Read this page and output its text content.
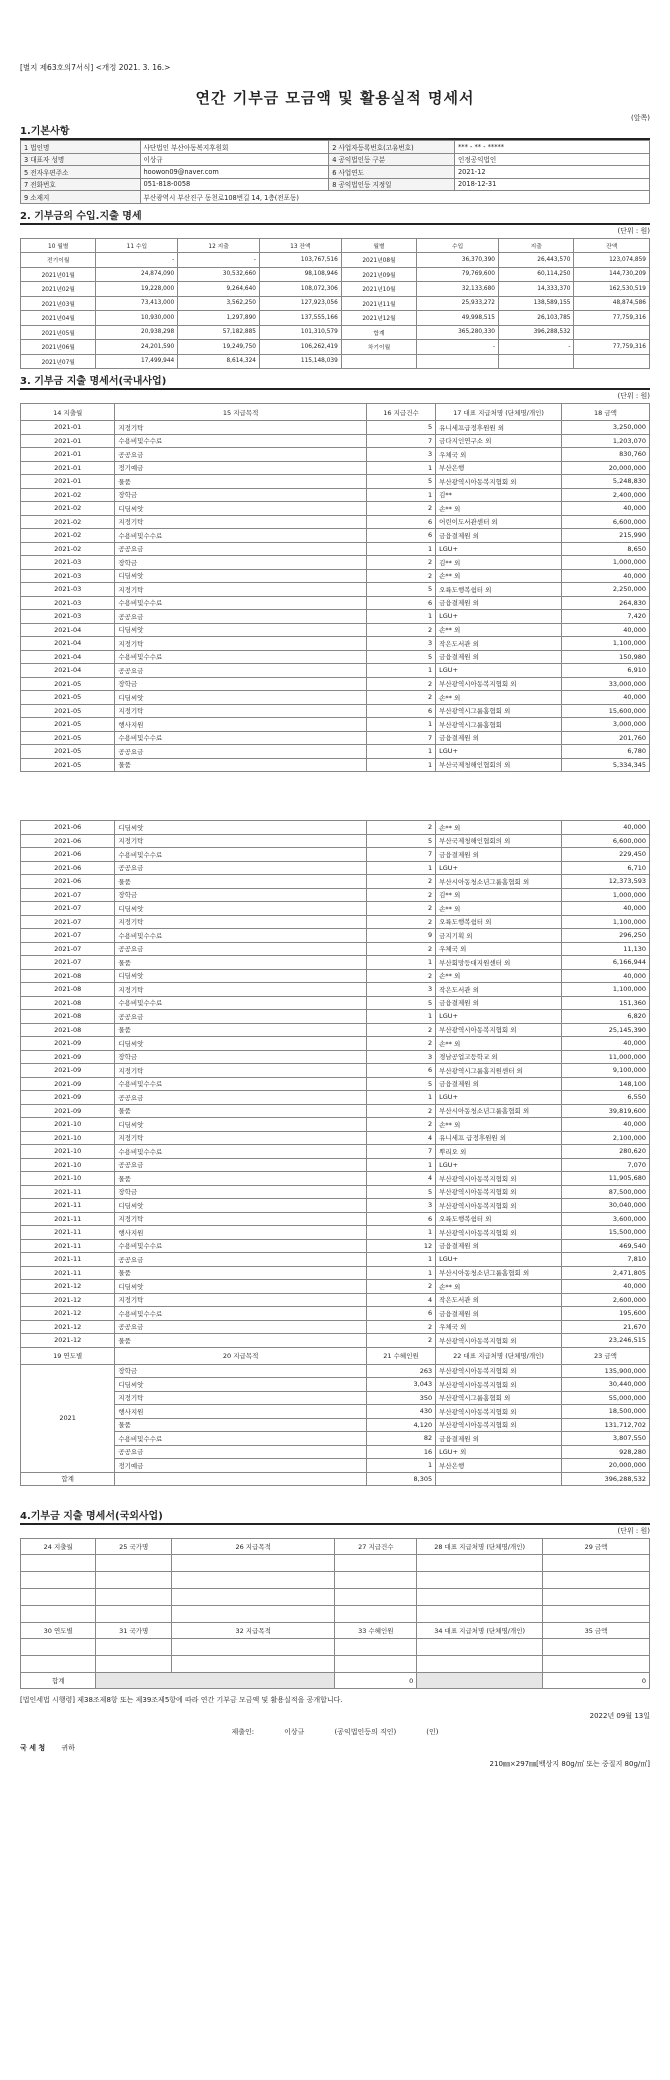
[별지 제63호의7서식] <개정 2021. 3. 16.>
연간 기부금 모금액 및 활용실적 명세서
(앞쪽)
1.기본사항
1 법인명	사단법인 부산아동복지후원회	2 사업자등록번호(고유번호)	*** - ** - *****
3 대표자 성명	이상규	4 공익법인등 구분	인정공익법인
5 전자우편주소	hoowon09@naver.com	6 사업연도	2021-12
7 전화번호	051-818-0058	8 공익법인등 지정일	2018-12-31
9 소재지	부산광역시 부산진구 동천로108번길 14, 1층(전포동)		
2. 기부금의 수입.지출 명세
(단위 : 원)
10 월별	11 수입	12 지출	13 잔액	월별	수입	지출	잔액
전기이월	-	-	103,767,516	2021년08월	36,370,390	26,443,570	123,074,859
2021년01월	24,874,090	30,532,660	98,108,946	2021년09월	79,769,600	60,114,250	144,730,209
2021년02월	19,228,000	9,264,640	108,072,306	2021년10월	32,133,680	14,333,370	162,530,519
2021년03월	73,413,000	3,562,250	127,923,056	2021년11월	25,933,272	138,589,155	48,874,586
2021년04월	10,930,000	1,297,890	137,555,166	2021년12월	49,998,515	26,103,785	77,759,316
2021년05월	20,938,298	57,182,885	101,310,579	합계	365,280,330	396,288,532	
2021년06월	24,201,590	19,249,750	106,262,419	차기이월	-	-	77,759,316
2021년07월	17,499,944	8,614,324	115,148,039				
3. 기부금 지출 명세서(국내사업)
(단위 : 원)
14 지출월	15 지급목적	16 지급건수	17 대표 지급처명 (단체명/개인)	18 금액
2021-01	지정기탁	5	유니세프급정후원원 외	3,250,000
2021-01	수용비및수수료	7	금다지인연구소 외	1,203,070
2021-01	공공요금	3	우체국 외	830,760
2021-01	정기예금	1	부산은행	20,000,000
2021-01	물품	5	부산광역시아동복지협회 외	5,248,830
2021-02	장학금	1	김**	2,400,000
2021-02	디딤씨앗	2	손** 외	40,000
2021-02	지정기탁	6	어린이도서관센터 외	6,600,000
2021-02	수용비및수수료	6	금융결제원 외	215,990
2021-02	공공요금	1	LGU+	8,650
2021-03	장학금	2	김** 외	1,000,000
2021-03	디딤씨앗	2	손** 외	40,000
2021-03	지정기탁	5	오륙도행복쉼터 외	2,250,000
2021-03	수용비및수수료	6	금융결제원 외	264,830
2021-03	공공요금	1	LGU+	7,420
2021-04	디딤씨앗	2	손** 외	40,000
2021-04	지정기탁	3	작은도서관 외	1,100,000
2021-04	수용비및수수료	5	금융결제원 외	150,980
2021-04	공공요금	1	LGU+	6,910
2021-05	장학금	2	부산광역시아동복지협회 외	33,000,000
2021-05	디딤씨앗	2	손** 외	40,000
2021-05	지정기탁	6	부산광역시그룹홈협회 외	15,600,000
2021-05	행사지원	1	부산광역시그룹홈협회	3,000,000
2021-05	수용비및수수료	7	금융결제원 외	201,760
2021-05	공공요금	1	LGU+	6,780
2021-05	물품	1	부산국제청해인협회의 외	5,334,345
2021-06	디딤씨앗	2	손** 외	40,000
2021-06	지정기탁	5	부산국제청해인협회의 외	6,600,000
2021-06	수용비및수수료	7	금융결제원 외	229,450
2021-06	공공요금	1	LGU+	6,710
2021-06	물품	2	부산시아동청소년그룹홈협회 외	12,373,593
2021-07	장학금	2	김** 외	1,000,000
2021-07	디딤씨앗	2	손** 외	40,000
2021-07	지정기탁	2	오륙도행복쉼터 외	1,100,000
2021-07	수용비및수수료	9	금지기획 외	296,250
2021-07	공공요금	2	우체국 외	11,130
2021-07	물품	1	부산회망등대지원센터 외	6,166,944
2021-08	디딤씨앗	2	손** 외	40,000
2021-08	지정기탁	3	작은도서관 외	1,100,000
2021-08	수용비및수수료	5	금융결제원 외	151,360
2021-08	공공요금	1	LGU+	6,820
2021-08	물품	2	부산광역시아동복지협회 외	25,145,390
2021-09	디딤씨앗	2	손** 외	40,000
2021-09	장학금	3	경남공업고등학교 외	11,000,000
2021-09	지정기탁	6	부산광역시그룹홈지원센터 외	9,100,000
2021-09	수용비및수수료	5	금융결제원 외	148,100
2021-09	공공요금	1	LGU+	6,550
2021-09	물품	2	부산시아동청소년그룹홈협회 외	39,819,600
2021-10	디딤씨앗	2	손** 외	40,000
2021-10	지정기탁	4	유니세프 급정후원원 외	2,100,000
2021-10	수용비및수수료	7	뿌리오 외	280,620
2021-10	공공요금	1	LGU+	7,070
2021-10	물품	4	부산광역시아동복지협회 외	11,905,680
2021-11	장학금	5	부산광역시아동복지협회 외	87,500,000
2021-11	디딤씨앗	3	부산광역시아동복지협회 외	30,040,000
2021-11	지정기탁	6	오륙도행복쉼터 외	3,600,000
2021-11	행사지원	1	부산광역시아동복지협회 외	15,500,000
2021-11	수용비및수수료	12	금융결제원 외	469,540
2021-11	공공요금	1	LGU+	7,810
2021-11	물품	1	부산시아동청소년그룹홈협회 외	2,471,805
2021-12	디딤씨앗	2	손** 외	40,000
2021-12	지정기탁	4	작은도서관 외	2,600,000
2021-12	수용비및수수료	6	금융결제원 외	195,600
2021-12	공공요금	2	우체국 외	21,670
2021-12	물품	2	부산광역시아동복지협회 외	23,246,515
19 연도별	20 지급목적	21 수혜인원	22 대표 지급처명 (단체명/개인)	23 금액
2021	장학금	263	부산광역시아동복지협회 외	135,900,000
	디딤씨앗	3,043	부산광역시아동복지협회 외	30,440,000
	지정기탁	350	부산광역시그룹홈협회 외	55,000,000
	행사지원	430	부산광역시아동복지협회 외	18,500,000
	물품	4,120	부산광역시아동복지협회 외	131,712,702
	수용비및수수료	82	금융결제원 외	3,807,550
	공공요금	16	LGU+ 외	928,280
	정기예금	1	부산은행	20,000,000
합계		8,305		396,288,532
4.기부금 지출 명세서(국외사업)
(단위 : 원)
24 지출월	25 국가명	26 지급목적	27 지급건수	28 대표 지급처명 (단체명/개인)	29 금액

30 연도별	31 국가명	32 지급목적	33 수혜인원	34 대표 지급처명 (단체명/개인)	35 금액

합계			0		0
[법인세법 시행령] 제38조제8항 또는 제39조제5항에 따라 연간 기부금 모금액 및 활용실적을 공개합니다.
2022년 09월 13일
제출인:	이상규	(공익법인등의 직인)	(인)
국 세 청 귀하
210㎜×297㎜[백상지 80g/㎡ 또는 중질지 80g/㎡]
